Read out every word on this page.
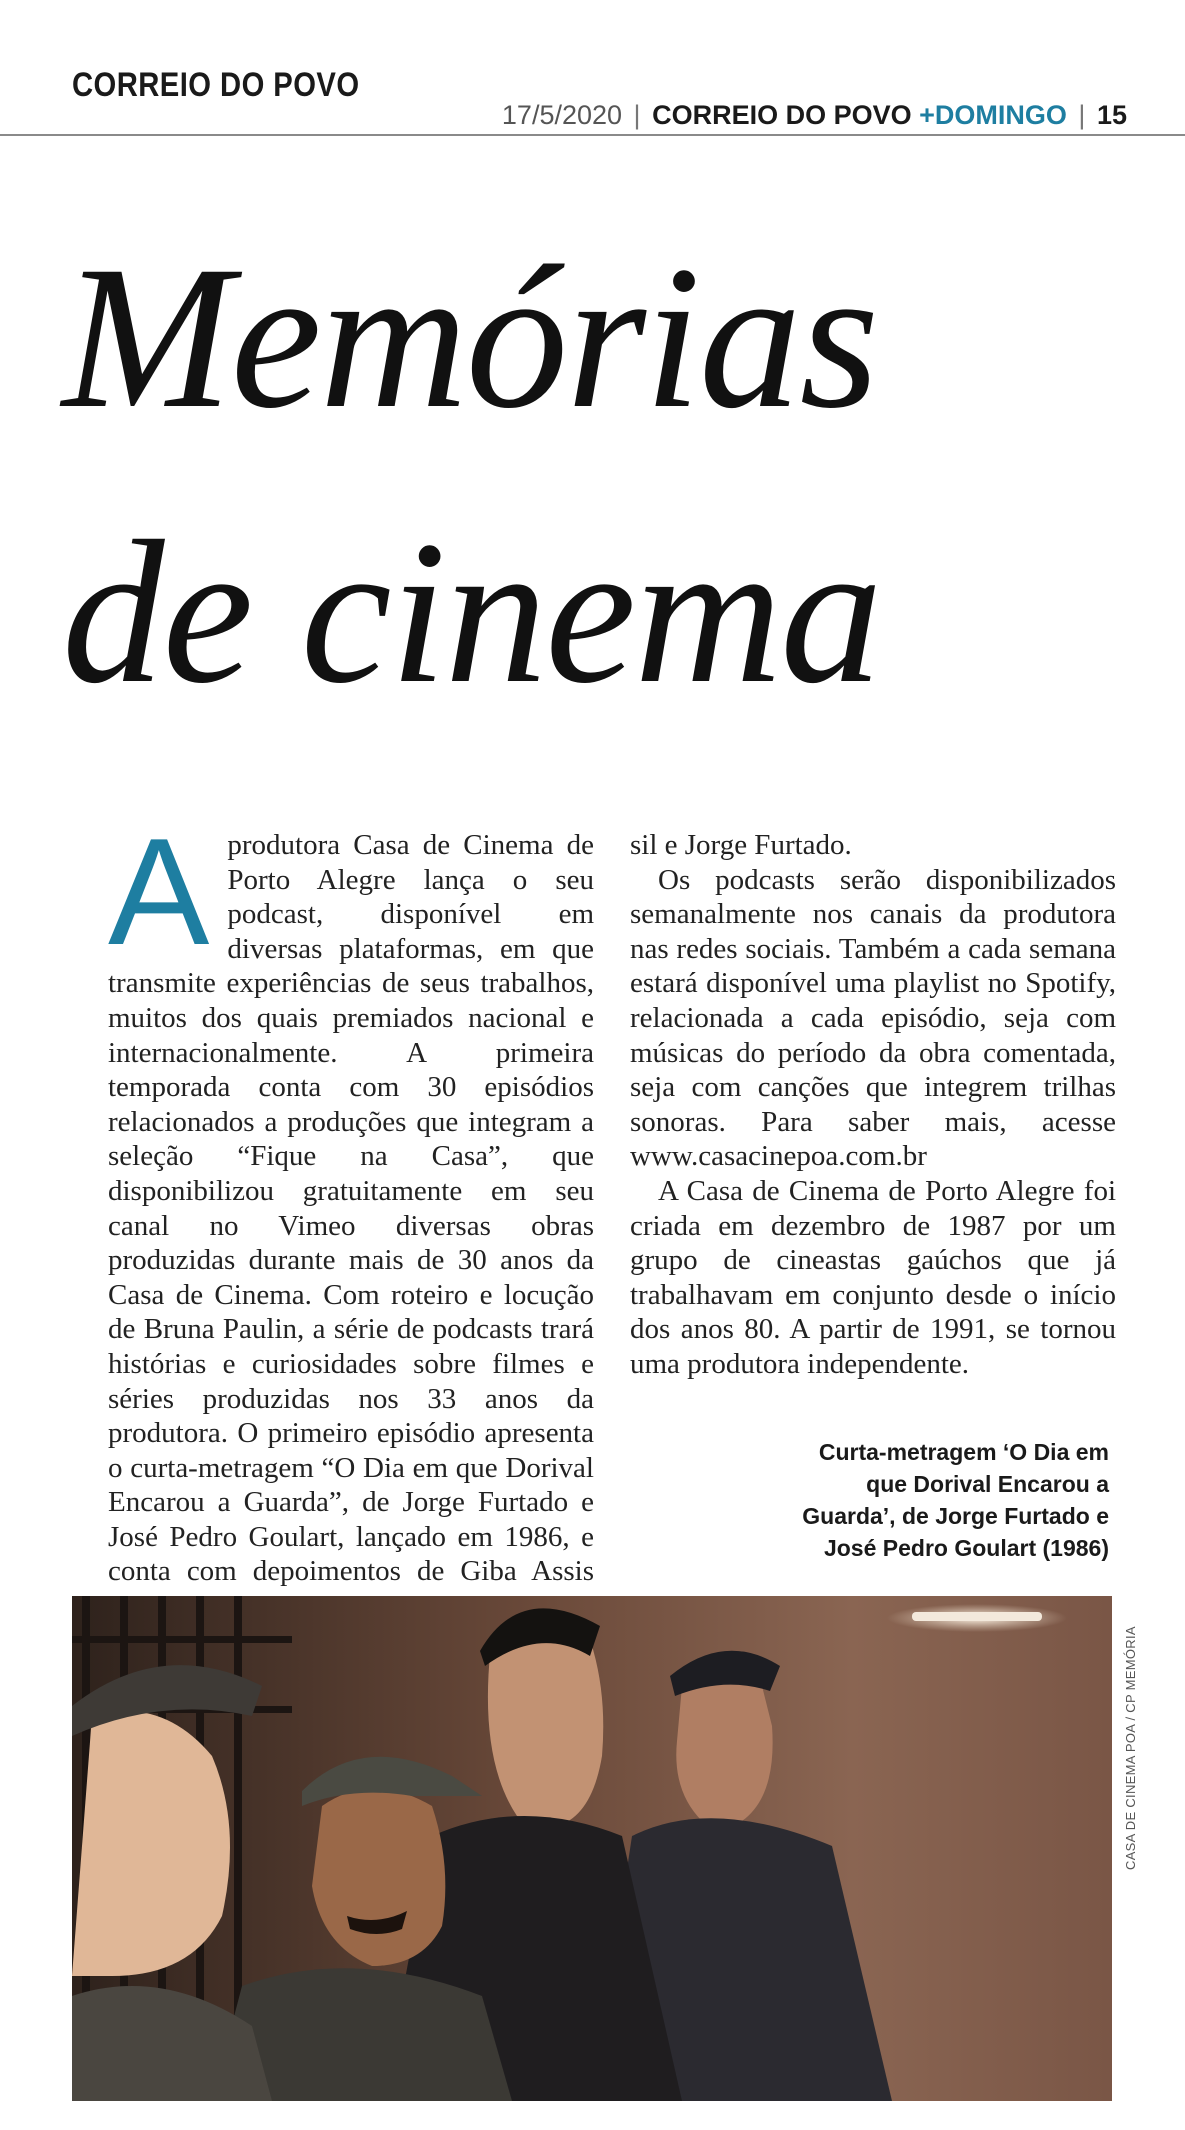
CORREIO DO POVO
17/5/2020 | CORREIO DO POVO +DOMINGO | 15
Memórias
de cinema
A produtora Casa de Cinema de Porto Alegre lança o seu podcast, disponível em diversas plataformas, em que transmite experiências de seus trabalhos, muitos dos quais premiados nacional e internacionalmente. A primeira temporada conta com 30 episódios relacionados a produções que integram a seleção “Fique na Casa”, que disponibilizou gratuitamente em seu canal no Vimeo diversas obras produzidas durante mais de 30 anos da Casa de Cinema. Com roteiro e locução de Bruna Paulin, a série de podcasts trará histórias e curiosidades sobre filmes e séries produzidas nos 33 anos da produtora. O primeiro episódio apresenta o curta-metragem “O Dia em que Dorival Encarou a Guarda”, de Jorge Furtado e José Pedro Goulart, lançado em 1986, e conta com depoimentos de Giba Assis

sil e Jorge Furtado.

Os podcasts serão disponibilizados semanalmente nos canais da produtora nas redes sociais. Também a cada semana estará disponível uma playlist no Spotify, relacionada a cada episódio, seja com músicas do período da obra comentada, seja com canções que integrem trilhas sonoras. Para saber mais, acesse www.casacinepoa.com.br

A Casa de Cinema de Porto Alegre foi criada em dezembro de 1987 por um grupo de cineastas gaúchos que já trabalhavam em conjunto desde o início dos anos 80. A partir de 1991, se tornou uma produtora independente.

Curta-metragem ‘O Dia em que Dorival Encarou a Guarda’, de Jorge Furtado e José Pedro Goulart (1986)
CASA DE CINEMA POA / CP MEMÓRIA
